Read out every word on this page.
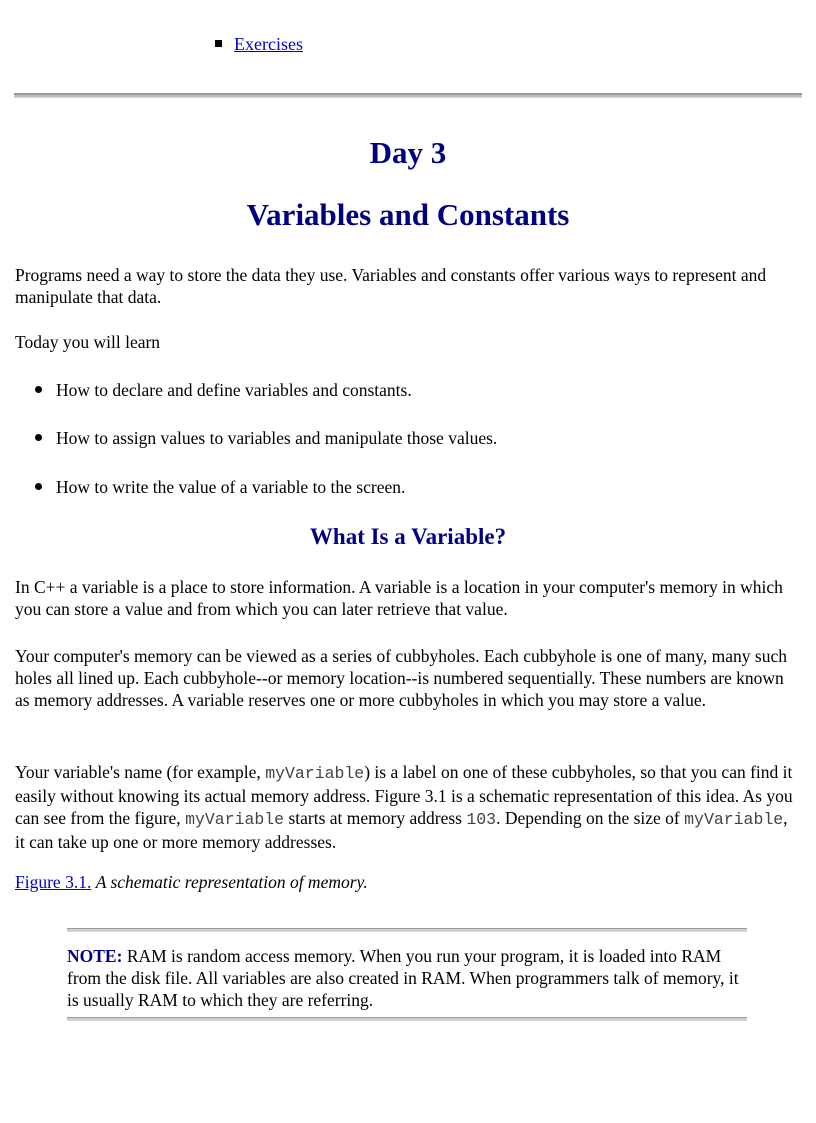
Exercises
Day 3
Variables and Constants

Programs need a way to store the data they use. Variables and constants offer various ways to represent and manipulate that data.

Today you will learn

How to declare and define variables and constants.

How to assign values to variables and manipulate those values.

How to write the value of a variable to the screen.

What Is a Variable?

In C++ a variable is a place to store information. A variable is a location in your computer's memory in which you can store a value and from which you can later retrieve that value.

Your computer's memory can be viewed as a series of cubbyholes. Each cubbyhole is one of many, many such holes all lined up. Each cubbyhole--or memory location--is numbered sequentially. These numbers are known as memory addresses. A variable reserves one or more cubbyholes in which you may store a value.

Your variable's name (for example, myVariable) is a label on one of these cubbyholes, so that you can find it easily without knowing its actual memory address. Figure 3.1 is a schematic representation of this idea. As you can see from the figure, myVariable starts at memory address 103. Depending on the size of myVariable, it can take up one or more memory addresses.

Figure 3.1. A schematic representation of memory.

NOTE: RAM is random access memory. When you run your program, it is loaded into RAM from the disk file. All variables are also created in RAM. When programmers talk of memory, it is usually RAM to which they are referring.
